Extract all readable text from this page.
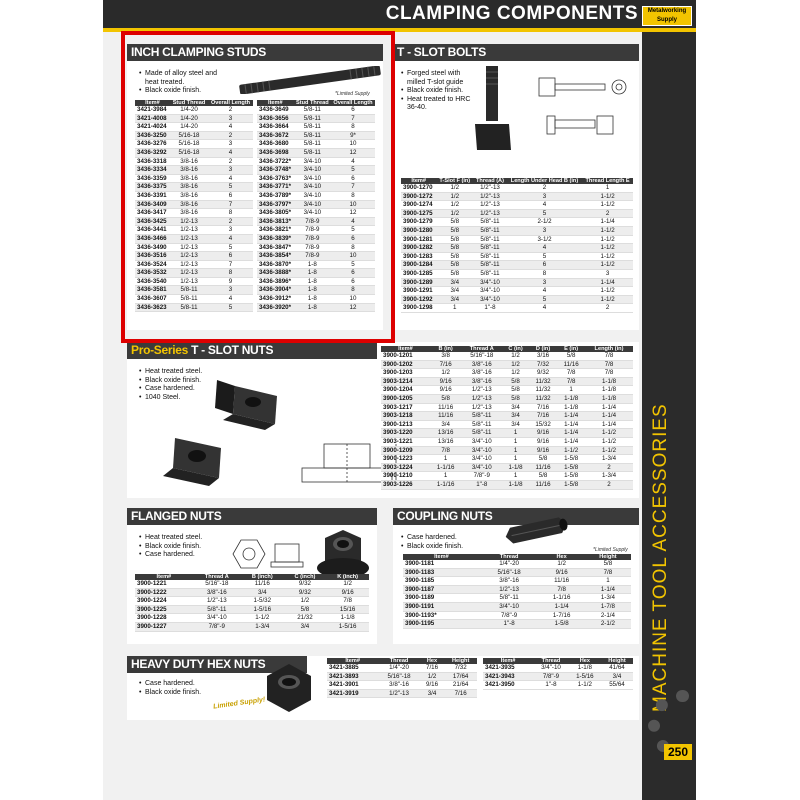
CLAMPING COMPONENTS	Metalworking Supply
MACHINE TOOL ACCESSORIES
250
INCH CLAMPING STUDS
• Made of alloy steel and heat treated.
• Black oxide finish.	*Limited Supply
Item#	Stud Thread	Overall Length
3421-3984	1/4-20	2
3421-4008	1/4-20	3
3421-4024	1/4-20	4
3436-3250	5/16-18	2
3436-3276	5/16-18	3
3436-3292	5/16-18	4
3436-3318	3/8-16	2
3436-3334	3/8-16	3
3436-3359	3/8-16	4
3436-3375	3/8-16	5
3436-3391	3/8-16	6
3436-3409	3/8-16	7
3436-3417	3/8-16	8
3436-3425	1/2-13	2
3436-3441	1/2-13	3
3436-3466	1/2-13	4
3436-3490	1/2-13	5
3436-3516	1/2-13	6
3436-3524	1/2-13	7
3436-3532	1/2-13	8
3436-3540	1/2-13	9
3436-3581	5/8-11	3
3436-3607	5/8-11	4
3436-3623	5/8-11	5
Item#	Stud Thread	Overall Length
3436-3649	5/8-11	6
3436-3656	5/8-11	7
3436-3664	5/8-11	8
3436-3672	5/8-11	9*
3436-3680	5/8-11	10
3436-3698	5/8-11	12
3436-3722*	3/4-10	4
3436-3748*	3/4-10	5
3436-3763*	3/4-10	6
3436-3771*	3/4-10	7
3436-3789*	3/4-10	8
3436-3797*	3/4-10	10
3436-3805*	3/4-10	12
3436-3813*	7/8-9	4
3436-3821*	7/8-9	5
3436-3839*	7/8-9	6
3436-3847*	7/8-9	8
3436-3854*	7/8-9	10
3436-3870*	1-8	5
3436-3888*	1-8	6
3436-3896*	1-8	6
3436-3904*	1-8	8
3436-3912*	1-8	10
3436-3920*	1-8	12
T - SLOT BOLTS
• Forged steel with milled T-slot guide
• Black oxide finish.
• Heat treated to HRC 36-40.
Item#	T-Slot F (in)	Thread (A)	Length Under Head B (in)	Thread Length E
3900-1270	1/2	1/2"-13	2	1
3900-1272	1/2	1/2"-13	3	1-1/2
3900-1274	1/2	1/2"-13	4	1-1/2
3900-1275	1/2	1/2"-13	5	2
3900-1279	5/8	5/8"-11	2-1/2	1-1/4
3900-1280	5/8	5/8"-11	3	1-1/2
3900-1281	5/8	5/8"-11	3-1/2	1-1/2
3900-1282	5/8	5/8"-11	4	1-1/2
3900-1283	5/8	5/8"-11	5	1-1/2
3900-1284	5/8	5/8"-11	6	1-1/2
3900-1285	5/8	5/8"-11	8	3
3900-1289	3/4	3/4"-10	3	1-1/4
3900-1291	3/4	3/4"-10	4	1-1/2
3900-1292	3/4	3/4"-10	5	1-1/2
3900-1298	1	1"-8	4	2
Pro-Series T - SLOT NUTS
• Heat treated steel.
• Black oxide finish.
• Case hardened.
• 1040 Steel.
Item#	B (in)	Thread A	C (in)	D (in)	E (in)	Length (in)
3900-1201	3/8	5/16"-18	1/2	3/16	5/8	7/8
3900-1202	7/16	3/8"-16	1/2	7/32	11/16	7/8
3900-1203	1/2	3/8"-16	1/2	9/32	7/8	7/8
3903-1214	9/16	3/8"-16	5/8	11/32	7/8	1-1/8
3900-1204	9/16	1/2"-13	5/8	11/32	1	1-1/8
3900-1205	5/8	1/2"-13	5/8	11/32	1-1/8	1-1/8
3903-1217	11/16	1/2"-13	3/4	7/16	1-1/8	1-1/4
3903-1218	11/16	5/8"-11	3/4	7/16	1-1/4	1-1/4
3900-1213	3/4	5/8"-11	3/4	15/32	1-1/4	1-1/4
3903-1220	13/16	5/8"-11	1	9/16	1-1/4	1-1/2
3903-1221	13/16	3/4"-10	1	9/16	1-1/4	1-1/2
3900-1209	7/8	3/4"-10	1	9/16	1-1/2	1-1/2
3900-1223	1	3/4"-10	1	5/8	1-5/8	1-3/4
3903-1224	1-1/16	3/4"-10	1-1/8	11/16	1-5/8	2
3900-1210	1	7/8"-9	1	5/8	1-5/8	1-3/4
3903-1226	1-1/16	1"-8	1-1/8	11/16	1-5/8	2
FLANGED NUTS
• Heat treated steel.
• Black oxide finish.
• Case hardened.
Item#	Thread A	B (inch)	C (inch)	K (inch)
3900-1221	5/16"-18	11/16	9/32	1/2
3900-1222	3/8"-16	3/4	9/32	9/16
3900-1224	1/2"-13	1-5/32	1/2	7/8
3900-1225	5/8"-11	1-5/16	5/8	15/16
3900-1228	3/4"-10	1-1/2	21/32	1-1/8
3900-1227	7/8"-9	1-3/4	3/4	1-5/16
COUPLING NUTS
• Case hardened.
• Black oxide finish.
*Limited Supply
Item#	Thread	Hex	Height
3900-1181	1/4"-20	1/2	5/8
3900-1183	5/16"-18	9/16	7/8
3900-1185	3/8"-16	11/16	1
3900-1187	1/2"-13	7/8	1-1/4
3900-1189	5/8"-11	1-1/16	1-3/4
3900-1191	3/4"-10	1-1/4	1-7/8
3900-1193*	7/8"-9	1-7/16	2-1/4
3900-1195	1"-8	1-5/8	2-1/2
HEAVY DUTY HEX NUTS
• Case hardened.
• Black oxide finish.
Limited Supply!
Item#	Thread	Hex	Height
3421-3885	1/4"-20	7/16	7/32
3421-3893	5/16"-18	1/2	17/64
3421-3901	3/8"-16	9/16	21/64
3421-3919	1/2"-13	3/4	7/16
Item#	Thread	Hex	Height
3421-3935	3/4"-10	1-1/8	41/64
3421-3943	7/8"-9	1-5/16	3/4
3421-3950	1"-8	1-1/2	55/64
